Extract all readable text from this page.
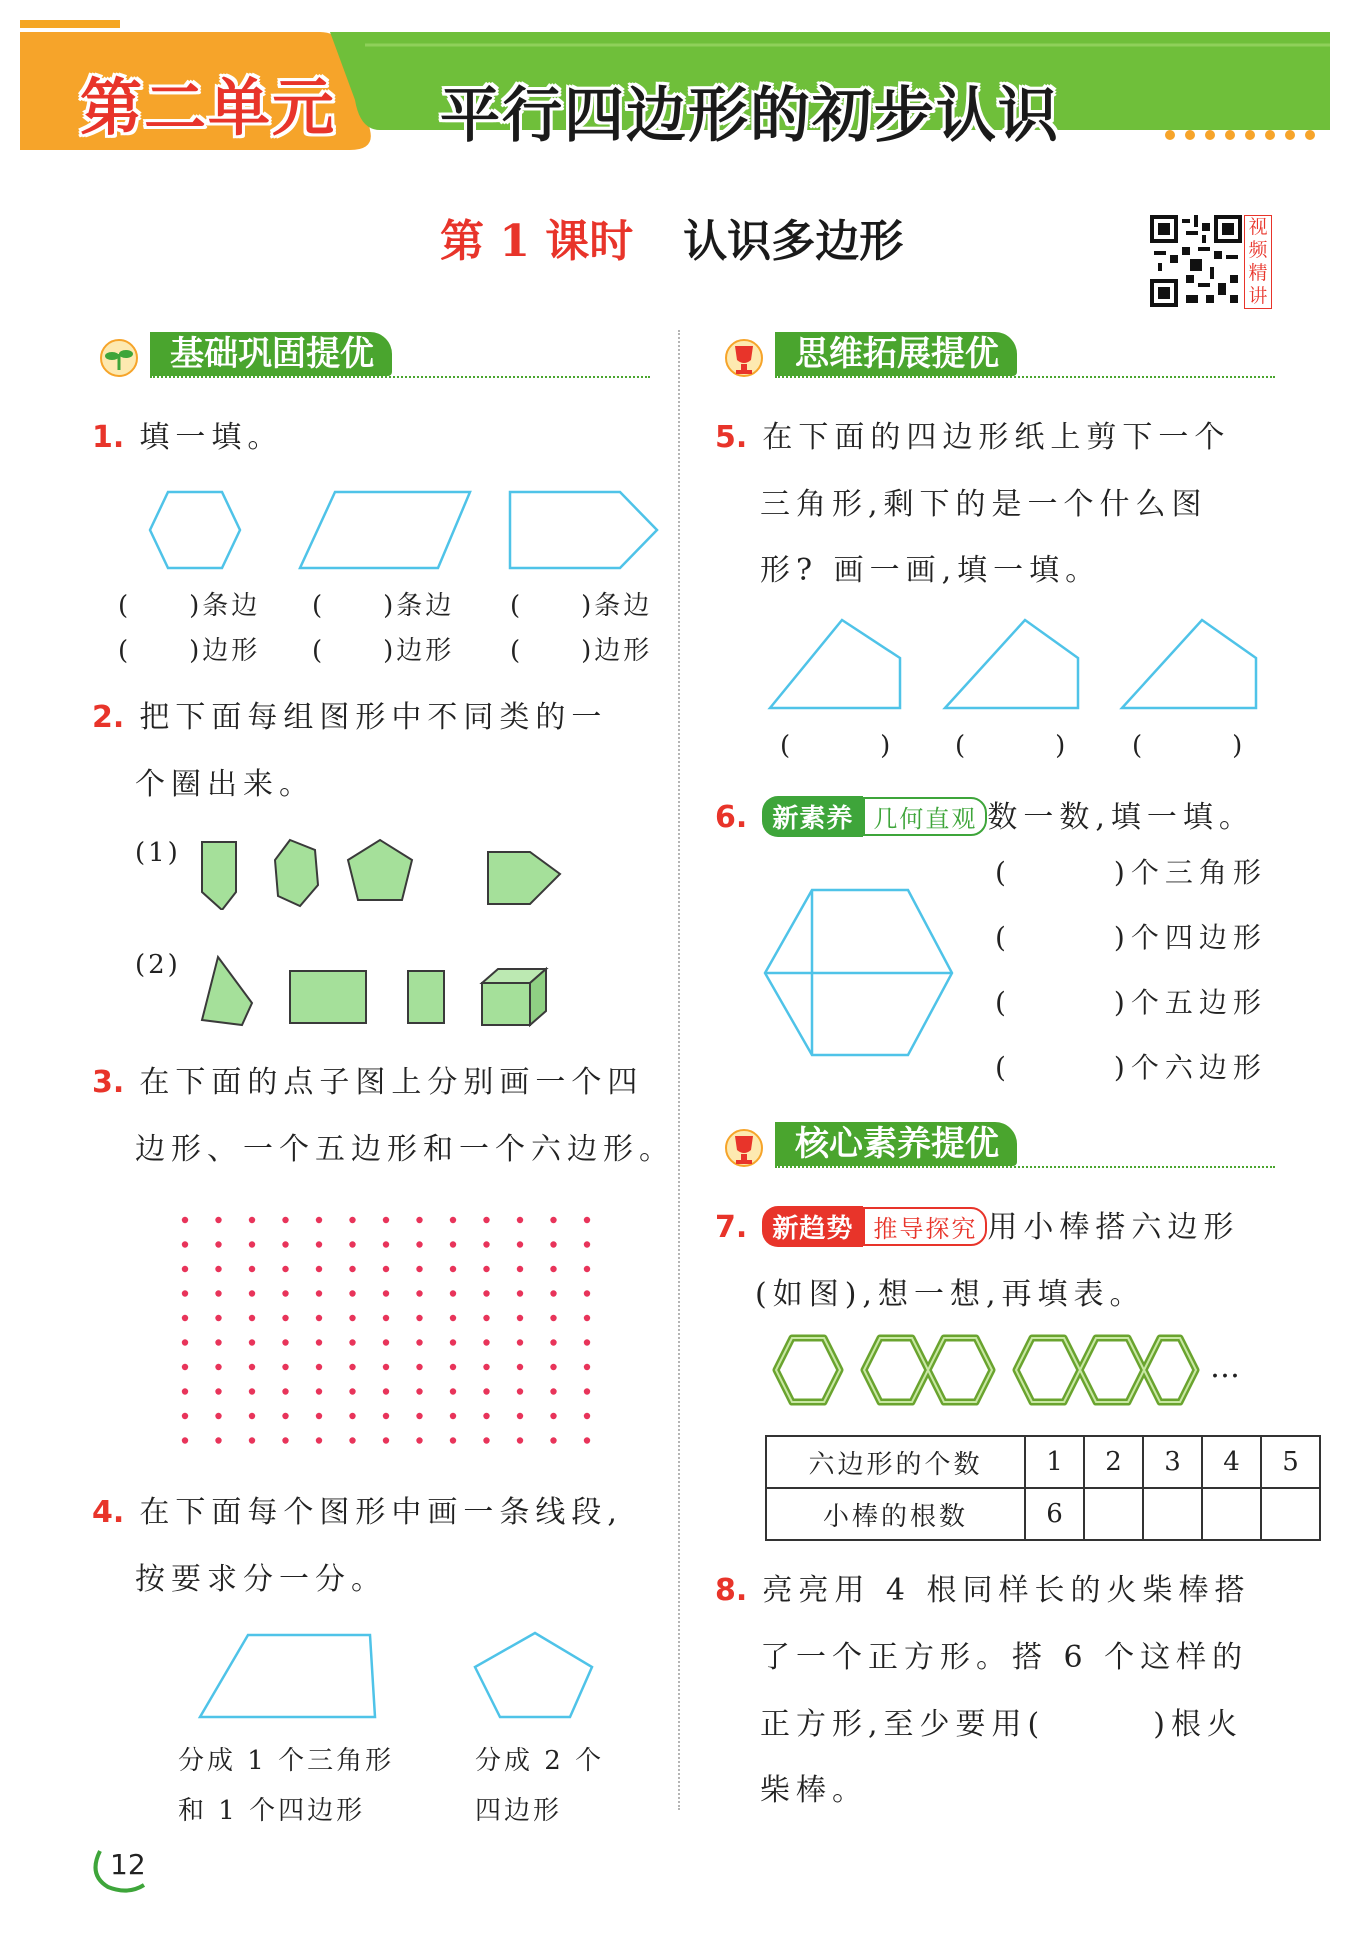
第二单元 平行四边形的初步认识
第 1 课时 认识多边形	视频精讲
基础巩固提优
1. 填一填。
(　　)条边
(　　)边形
(　　)条边
(　　)边形
(　　)条边
(　　)边形
2. 把下面每组图形中不同类的一
个圈出来。
(1)
(2)
3. 在下面的点子图上分别画一个四
边形、一个五边形和一个六边形。
4. 在下面每个图形中画一条线段,
按要求分一分。
分成 1 个三角形
和 1 个四边形
分成 2 个
四边形
思维拓展提优
5. 在下面的四边形纸上剪下一个
三角形,剩下的是一个什么图
形? 画一画,填一填。
(　　　) (　　　) (　　　)
6. 新素养 几何直观 数一数,填一填。
(　　　)个三角形
(　　　)个四边形
(　　　)个五边形
(　　　)个六边形
核心素养提优
7. 新趋势 推导探究 用小棒搭六边形
(如图),想一想,再填表。
…
六边形的个数	1	2	3	4	5
小棒的根数	6				
8. 亮亮用 4 根同样长的火柴棒搭
了一个正方形。搭 6 个这样的
正方形,至少要用(　　　)根火
柴棒。
12
